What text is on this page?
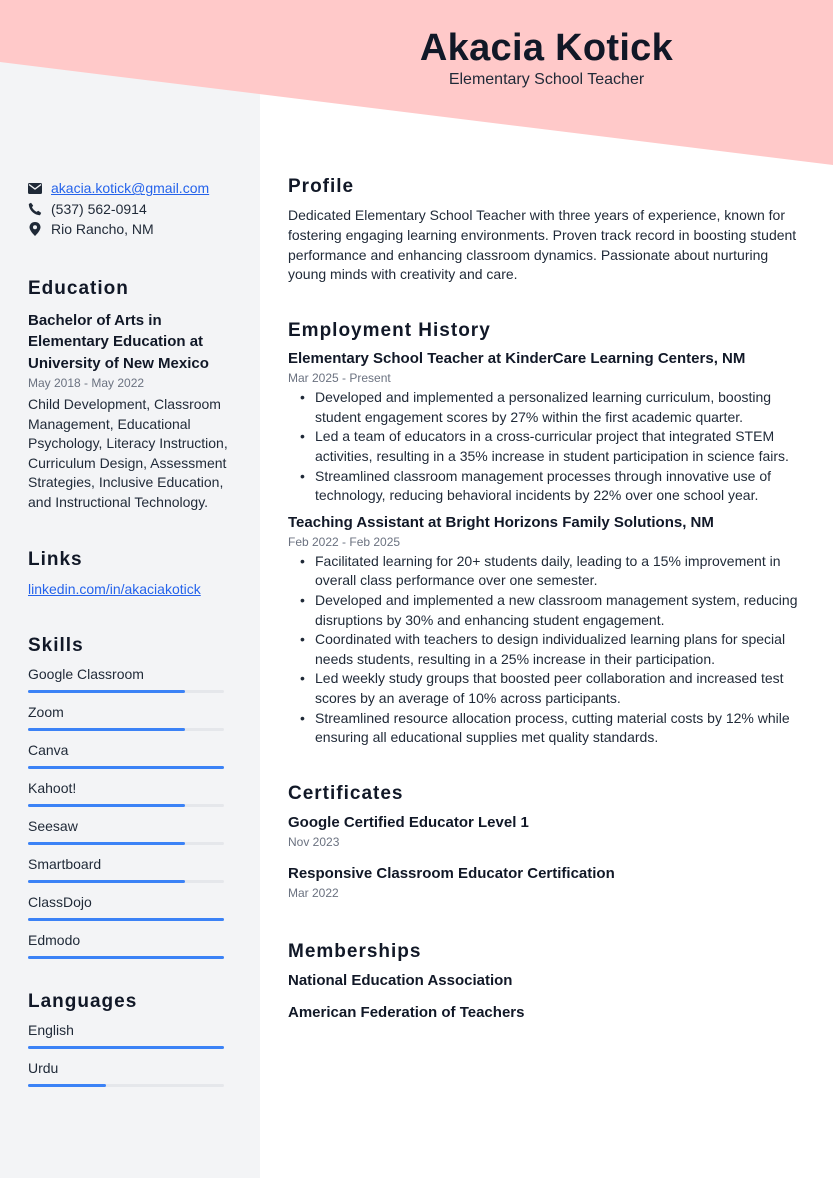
Akacia Kotick
Elementary School Teacher
akacia.kotick@gmail.com
(537) 562-0914
Rio Rancho, NM
Education
Bachelor of Arts in Elementary Education at University of New Mexico
May 2018 - May 2022
Child Development, Classroom Management, Educational Psychology, Literacy Instruction, Curriculum Design, Assessment Strategies, Inclusive Education, and Instructional Technology.
Links
linkedin.com/in/akaciakotick
Skills
Google Classroom
Zoom
Canva
Kahoot!
Seesaw
Smartboard
ClassDojo
Edmodo
Languages
English
Urdu
Profile
Dedicated Elementary School Teacher with three years of experience, known for fostering engaging learning environments. Proven track record in boosting student performance and enhancing classroom dynamics. Passionate about nurturing young minds with creativity and care.
Employment History
Elementary School Teacher at KinderCare Learning Centers, NM
Mar 2025 - Present
• Developed and implemented a personalized learning curriculum, boosting student engagement scores by 27% within the first academic quarter.
• Led a team of educators in a cross-curricular project that integrated STEM activities, resulting in a 35% increase in student participation in science fairs.
• Streamlined classroom management processes through innovative use of technology, reducing behavioral incidents by 22% over one school year.
Teaching Assistant at Bright Horizons Family Solutions, NM
Feb 2022 - Feb 2025
• Facilitated learning for 20+ students daily, leading to a 15% improvement in overall class performance over one semester.
• Developed and implemented a new classroom management system, reducing disruptions by 30% and enhancing student engagement.
• Coordinated with teachers to design individualized learning plans for special needs students, resulting in a 25% increase in their participation.
• Led weekly study groups that boosted peer collaboration and increased test scores by an average of 10% across participants.
• Streamlined resource allocation process, cutting material costs by 12% while ensuring all educational supplies met quality standards.
Certificates
Google Certified Educator Level 1
Nov 2023
Responsive Classroom Educator Certification
Mar 2022
Memberships
National Education Association
American Federation of Teachers
